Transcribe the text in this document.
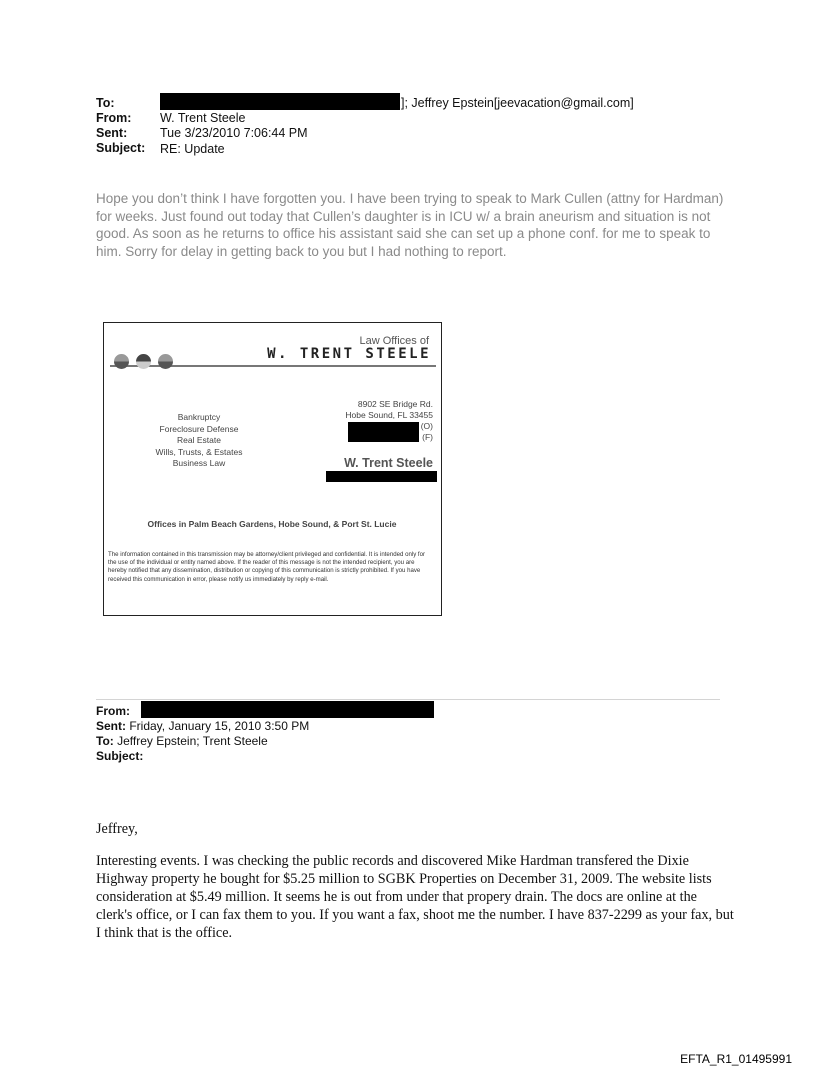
To:
From:
Sent:
Subject:
]; Jeffrey Epstein[jeevacation@gmail.com]
W. Trent Steele
Tue 3/23/2010 7:06:44 PM
RE: Update
Hope you don’t think I have forgotten you. I have been trying to speak to Mark Cullen (attny for Hardman) for weeks. Just found out today that Cullen’s daughter is in ICU w/ a brain aneurism and situation is not good. As soon as he returns to office his assistant said she can set up a phone conf. for me to speak to him. Sorry for delay in getting back to you but I had nothing to report.
Law Offices of
W. TRENT STEELE
Bankruptcy
Foreclosure Defense
Real Estate
Wills, Trusts, & Estates
Business Law
8902 SE Bridge Rd.
Hobe Sound, FL 33455
(O)
(F)
W. Trent Steele
Offices in Palm Beach Gardens, Hobe Sound, & Port St. Lucie
The information contained in this transmission may be attorney/client privileged and confidential. It is intended only for the use of the individual or entity named above. If the reader of this message is not the intended recipient, you are hereby notified that any dissemination, distribution or copying of this communication is strictly prohibited. If you have received this communication in error, please notify us immediately by reply e-mail.
From:
Sent: Friday, January 15, 2010 3:50 PM
To: Jeffrey Epstein; Trent Steele
Subject:
Jeffrey,
Interesting events. I was checking the public records and discovered Mike Hardman transfered the Dixie Highway property he bought for $5.25 million to SGBK Properties on December 31, 2009. The website lists consideration at $5.49 million. It seems he is out from under that propery drain. The docs are online at the clerk's office, or I can fax them to you. If you want a fax, shoot me the number. I have 837-2299 as your fax, but I think that is the office.
EFTA_R1_01495991
